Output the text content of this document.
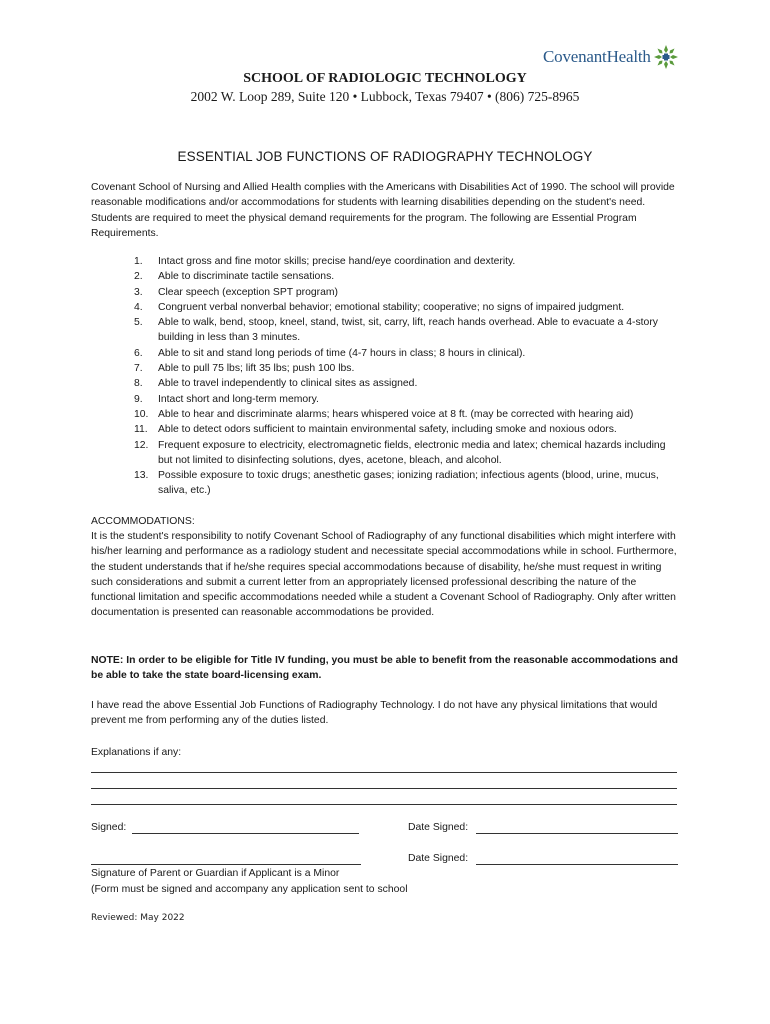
CovenantHealth
SCHOOL OF RADIOLOGIC TECHNOLOGY
2002 W. Loop 289, Suite 120 • Lubbock, Texas 79407 • (806) 725-8965
ESSENTIAL JOB FUNCTIONS OF RADIOGRAPHY TECHNOLOGY
Covenant School of Nursing and Allied Health complies with the Americans with Disabilities Act of 1990. The school will provide reasonable modifications and/or accommodations for students with learning disabilities depending on the student's need. Students are required to meet the physical demand requirements for the program. The following are Essential Program Requirements.
1.	Intact gross and fine motor skills; precise hand/eye coordination and dexterity.
2.	Able to discriminate tactile sensations.
3.	Clear speech (exception SPT program)
4.	Congruent verbal nonverbal behavior; emotional stability; cooperative; no signs of impaired judgment.
5.	Able to walk, bend, stoop, kneel, stand, twist, sit, carry, lift, reach hands overhead. Able to evacuate a 4-story building in less than 3 minutes.
6.	Able to sit and stand long periods of time (4-7 hours in class; 8 hours in clinical).
7.	Able to pull 75 lbs; lift 35 lbs; push 100 lbs.
8.	Able to travel independently to clinical sites as assigned.
9.	Intact short and long-term memory.
10. Able to hear and discriminate alarms; hears whispered voice at 8 ft. (may be corrected with hearing aid)
11. Able to detect odors sufficient to maintain environmental safety, including smoke and noxious odors.
12. Frequent exposure to electricity, electromagnetic fields, electronic media and latex; chemical hazards including but not limited to disinfecting solutions, dyes, acetone, bleach, and alcohol.
13. Possible exposure to toxic drugs; anesthetic gases; ionizing radiation; infectious agents (blood, urine, mucus, saliva, etc.)
ACCOMMODATIONS:
It is the student's responsibility to notify Covenant School of Radiography of any functional disabilities which might interfere with his/her learning and performance as a radiology student and necessitate special accommodations while in school. Furthermore, the student understands that if he/she requires special accommodations because of disability, he/she must request in writing such considerations and submit a current letter from an appropriately licensed professional describing the nature of the functional limitation and specific accommodations needed while a student a Covenant School of Radiography. Only after written documentation is presented can reasonable accommodations be provided.
NOTE: In order to be eligible for Title IV funding, you must be able to benefit from the reasonable accommodations and be able to take the state board-licensing exam.
I have read the above Essential Job Functions of Radiography Technology. I do not have any physical limitations that would prevent me from performing any of the duties listed.
Explanations if any:
Signed:	Date Signed:
Date Signed:
Signature of Parent or Guardian if Applicant is a Minor
(Form must be signed and accompany any application sent to school
Reviewed: May 2022
